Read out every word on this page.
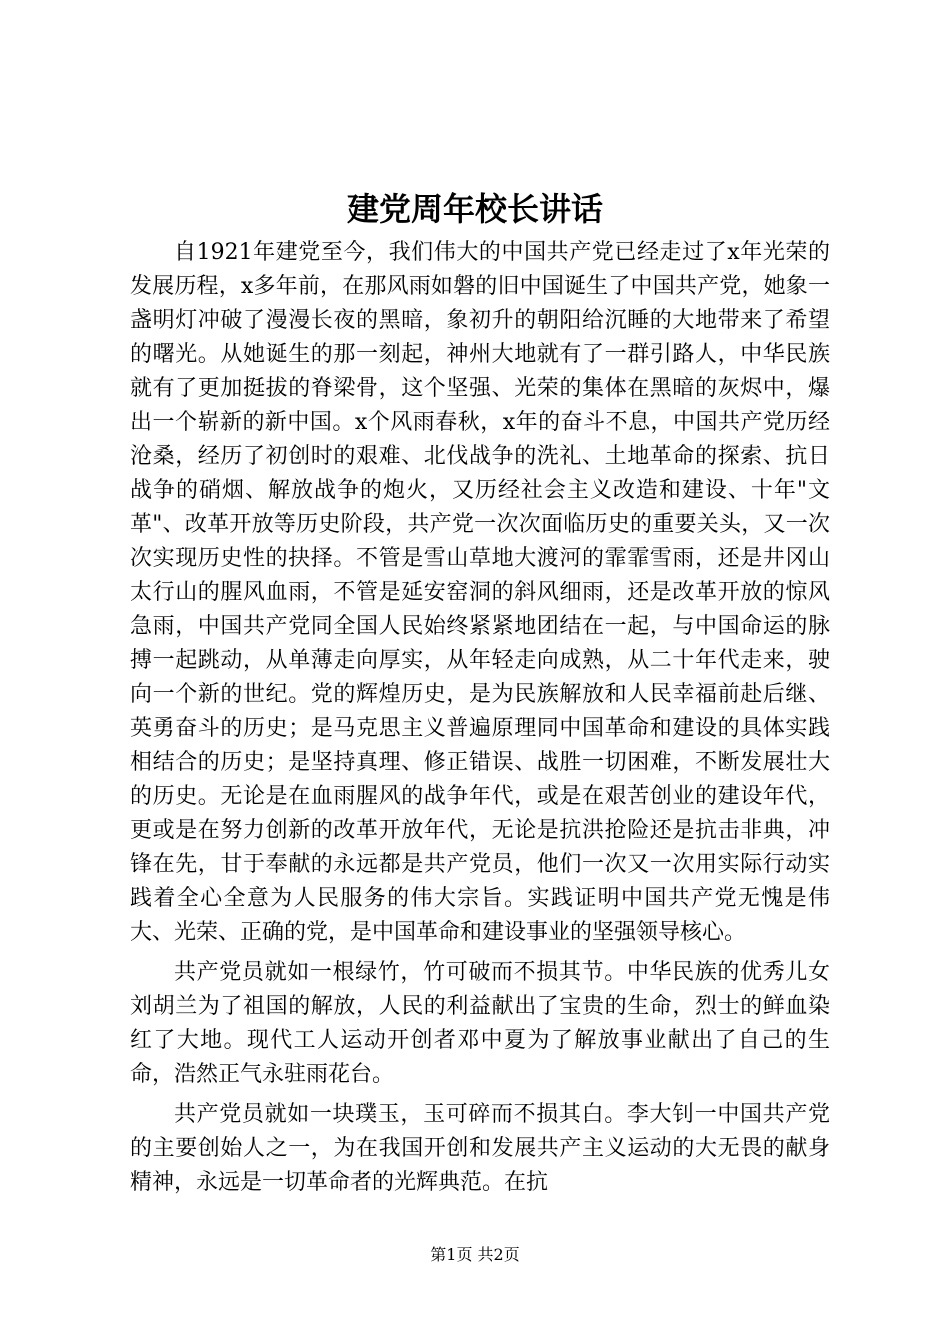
建党周年校长讲话

自1921年建党至今，我们伟大的中国共产党已经走过了x年光荣的发展历程，x多年前，在那风雨如磐的旧中国诞生了中国共产党，她象一盏明灯冲破了漫漫长夜的黑暗，象初升的朝阳给沉睡的大地带来了希望的曙光。从她诞生的那一刻起，神州大地就有了一群引路人，中华民族就有了更加挺拔的脊梁骨，这个坚强、光荣的集体在黑暗的灰烬中，爆出一个崭新的新中国。x个风雨春秋，x年的奋斗不息，中国共产党历经沧桑，经历了初创时的艰难、北伐战争的洗礼、土地革命的探索、抗日战争的硝烟、解放战争的炮火，又历经社会主义改造和建设、十年"文革"、改革开放等历史阶段，共产党一次次面临历史的重要关头，又一次次实现历史性的抉择。不管是雪山草地大渡河的霏霏雪雨，还是井冈山太行山的腥风血雨，不管是延安窑洞的斜风细雨，还是改革开放的惊风急雨，中国共产党同全国人民始终紧紧地团结在一起，与中国命运的脉搏一起跳动，从单薄走向厚实，从年轻走向成熟，从二十年代走来，驶向一个新的世纪。党的辉煌历史，是为民族解放和人民幸福前赴后继、英勇奋斗的历史；是马克思主义普遍原理同中国革命和建设的具体实践相结合的历史；是坚持真理、修正错误、战胜一切困难，不断发展壮大的历史。无论是在血雨腥风的战争年代，或是在艰苦创业的建设年代，更或是在努力创新的改革开放年代，无论是抗洪抢险还是抗击非典，冲锋在先，甘于奉献的永远都是共产党员，他们一次又一次用实际行动实践着全心全意为人民服务的伟大宗旨。实践证明中国共产党无愧是伟大、光荣、正确的党，是中国革命和建设事业的坚强领导核心。

共产党员就如一根绿竹，竹可破而不损其节。中华民族的优秀儿女刘胡兰为了祖国的解放，人民的利益献出了宝贵的生命，烈士的鲜血染红了大地。现代工人运动开创者邓中夏为了解放事业献出了自己的生命，浩然正气永驻雨花台。

共产党员就如一块璞玉，玉可碎而不损其白。李大钊一中国共产党的主要创始人之一，为在我国开创和发展共产主义运动的大无畏的献身精神，永远是一切革命者的光辉典范。在抗

第1页 共2页
